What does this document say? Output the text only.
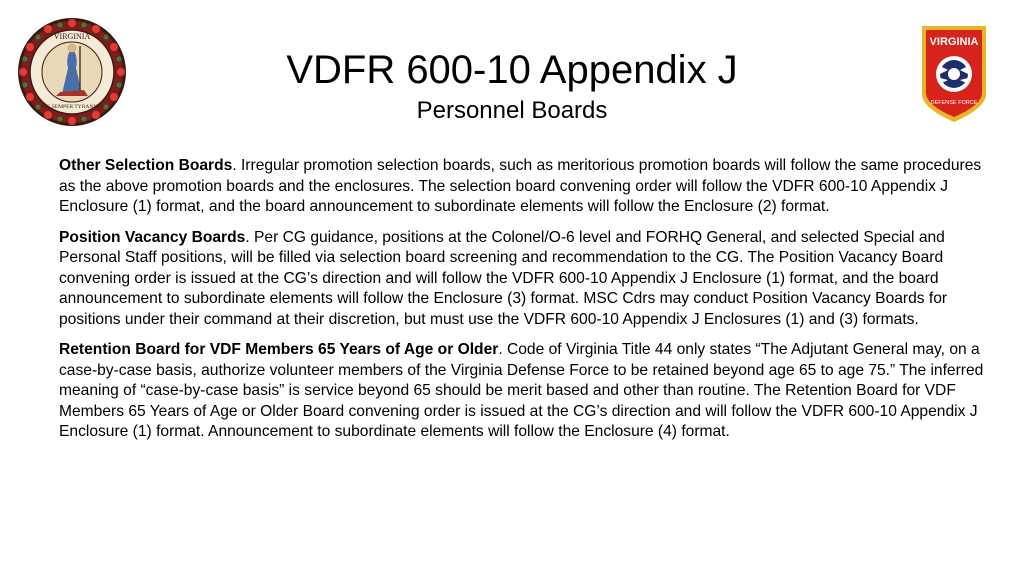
VIRGINIA
SIC SEMPER TYRANNIS
VDFR 600-10 Appendix J
Personnel Boards
VIRGINIA
DEFENSE FORCE

Other Selection Boards. Irregular promotion selection boards, such as meritorious promotion boards will follow the same procedures as the above promotion boards and the enclosures. The selection board convening order will follow the VDFR 600-10 Appendix J Enclosure (1) format, and the board announcement to subordinate elements will follow the Enclosure (2) format.

Position Vacancy Boards. Per CG guidance, positions at the Colonel/O-6 level and FORHQ General, and selected Special and Personal Staff positions, will be filled via selection board screening and recommendation to the CG. The Position Vacancy Board convening order is issued at the CG’s direction and will follow the VDFR 600-10 Appendix J Enclosure (1) format, and the board announcement to subordinate elements will follow the Enclosure (3) format. MSC Cdrs may conduct Position Vacancy Boards for positions under their command at their discretion, but must use the VDFR 600-10 Appendix J Enclosures (1) and (3) formats.

Retention Board for VDF Members 65 Years of Age or Older. Code of Virginia Title 44 only states “The Adjutant General may, on a case-by-case basis, authorize volunteer members of the Virginia Defense Force to be retained beyond age 65 to age 75.” The inferred meaning of “case-by-case basis” is service beyond 65 should be merit based and other than routine. The Retention Board for VDF Members 65 Years of Age or Older Board convening order is issued at the CG’s direction and will follow the VDFR 600-10 Appendix J Enclosure (1) format. Announcement to subordinate elements will follow the Enclosure (4) format.
